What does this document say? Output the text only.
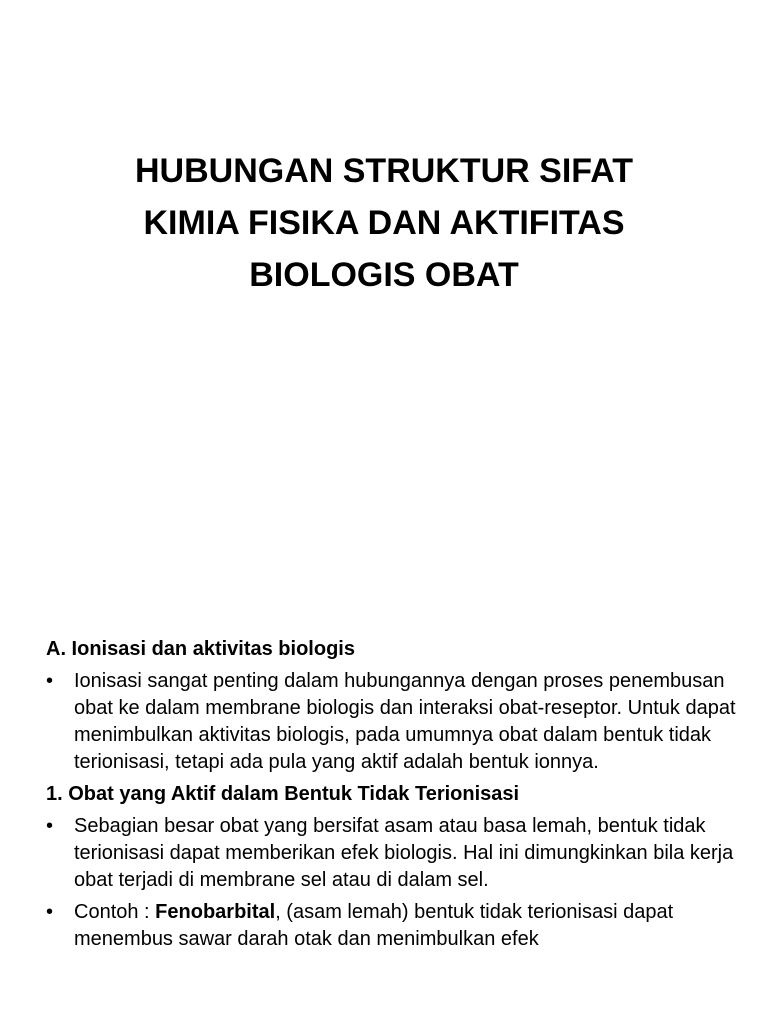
HUBUNGAN STRUKTUR SIFAT
KIMIA FISIKA DAN AKTIFITAS
BIOLOGIS OBAT
A. Ionisasi dan aktivitas biologis
• Ionisasi sangat penting dalam hubungannya dengan proses penembusan obat ke dalam membrane biologis dan interaksi obat-reseptor. Untuk dapat menimbulkan aktivitas biologis, pada umumnya obat dalam bentuk tidak terionisasi, tetapi ada pula yang aktif adalah bentuk ionnya.
1. Obat yang Aktif dalam Bentuk Tidak Terionisasi
• Sebagian besar obat yang bersifat asam atau basa lemah, bentuk tidak terionisasi dapat memberikan efek biologis. Hal ini dimungkinkan bila kerja obat terjadi di membrane sel atau di dalam sel.
• Contoh : Fenobarbital, (asam lemah) bentuk tidak terionisasi dapat menembus sawar darah otak dan menimbulkan efek
